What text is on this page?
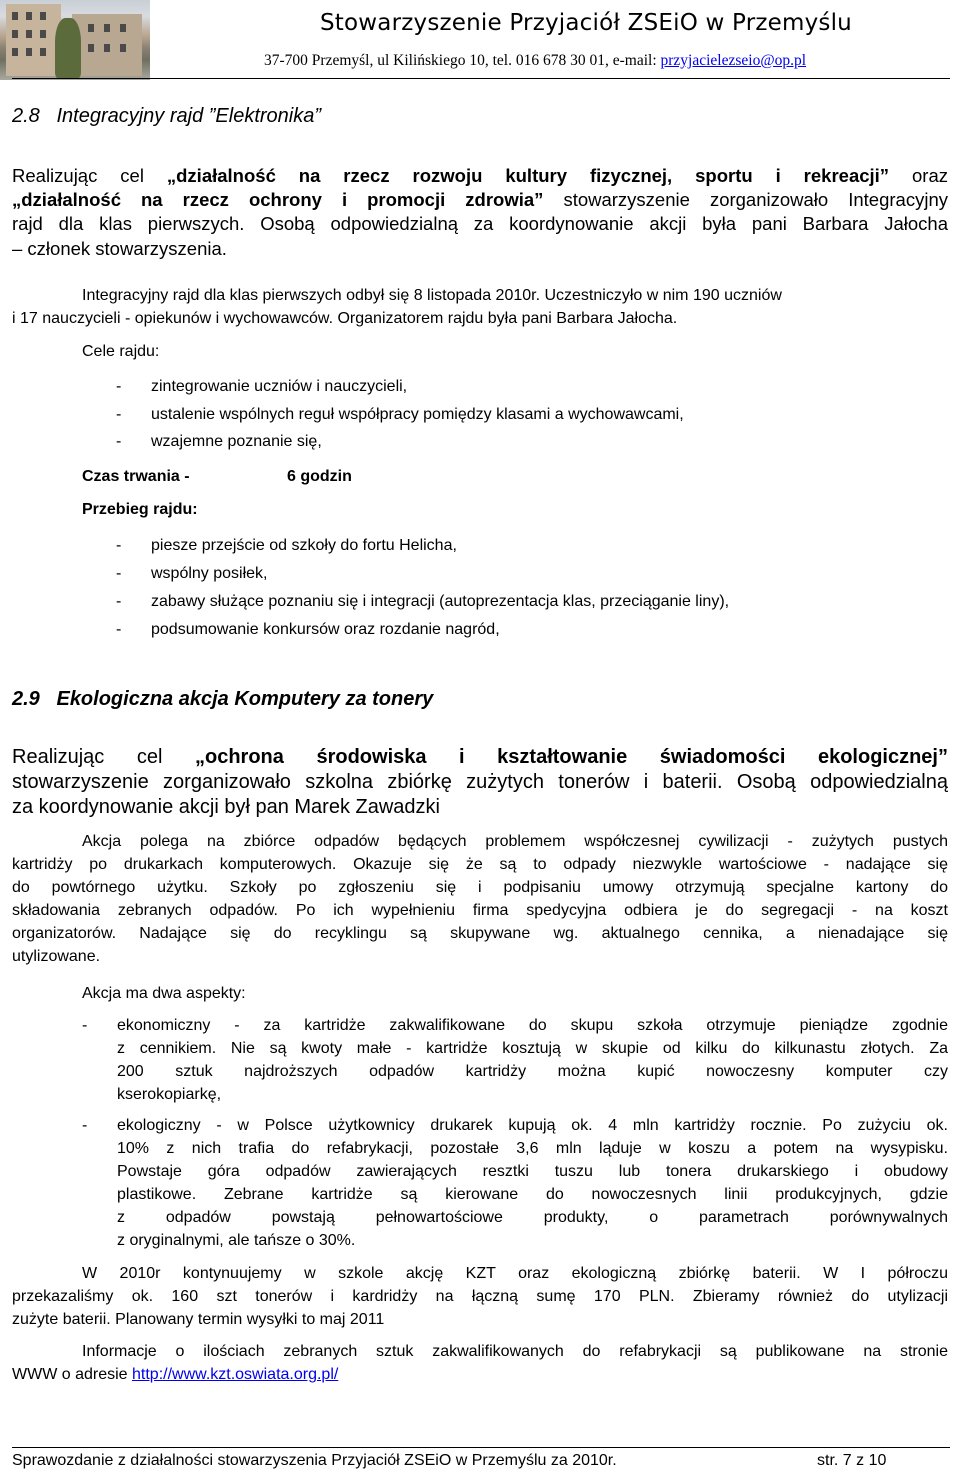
Stowarzyszenie Przyjaciół ZSEiO w Przemyślu
37-700 Przemyśl, ul Kilińskiego 10, tel. 016 678 30 01, e-mail: przyjacielezseio@op.pl
2.8   Integracyjny rajd ”Elektronika”
Realizując cel „działalność na rzecz rozwoju kultury fizycznej, sportu i rekreacji” oraz
„działalność na rzecz ochrony i promocji zdrowia” stowarzyszenie zorganizowało Integracyjny
rajd dla klas pierwszych. Osobą odpowiedzialną za koordynowanie akcji była pani Barbara Jałocha
– członek stowarzyszenia.
Integracyjny rajd dla klas pierwszych odbył się 8 listopada 2010r. Uczestniczyło w nim 190 uczniów
i 17 nauczycieli - opiekunów i wychowawców. Organizatorem rajdu była pani Barbara Jałocha.
Cele rajdu:
- zintegrowanie uczniów i nauczycieli,
- ustalenie wspólnych reguł współpracy pomiędzy klasami a wychowawcami,
- wzajemne poznanie się,
Czas trwania -	6 godzin
Przebieg rajdu:
- piesze przejście od szkoły do fortu Helicha,
- wspólny posiłek,
- zabawy służące poznaniu się i integracji (autoprezentacja klas, przeciąganie liny),
- podsumowanie konkursów oraz rozdanie nagród,
2.9   Ekologiczna akcja Komputery za tonery
Realizując cel „ochrona środowiska i kształtowanie świadomości ekologicznej”
stowarzyszenie zorganizowało szkolna zbiórkę zużytych tonerów i baterii. Osobą odpowiedzialną
za koordynowanie akcji był pan Marek Zawadzki
Akcja polega na zbiórce odpadów będących problemem współczesnej cywilizacji - zużytych pustych
kartridży po drukarkach komputerowych. Okazuje się że są to odpady niezwykle wartościowe - nadające się
do powtórnego użytku. Szkoły po zgłoszeniu się i podpisaniu umowy otrzymują specjalne kartony do
składowania zebranych odpadów. Po ich wypełnieniu firma spedycyjna odbiera je do segregacji - na koszt
organizatorów. Nadające się do recyklingu są skupywane wg. aktualnego cennika, a nienadające się
utylizowane.
Akcja ma dwa aspekty:
- ekonomiczny - za kartridże zakwalifikowane do skupu szkoła otrzymuje pieniądze zgodnie
z cennikiem. Nie są kwoty małe - kartridże kosztują w skupie od kilku do kilkunastu złotych. Za
200 sztuk najdroższych odpadów kartridży można kupić nowoczesny komputer czy
kserokopiarkę,
- ekologiczny - w Polsce użytkownicy drukarek kupują ok. 4 mln kartridży rocznie. Po zużyciu ok.
10% z nich trafia do refabrykacji, pozostałe 3,6 mln ląduje w koszu a potem na wysypisku.
Powstaje góra odpadów zawierających resztki tuszu lub tonera drukarskiego i obudowy
plastikowe. Zebrane kartridże są kierowane do nowoczesnych linii produkcyjnych, gdzie
z odpadów powstają pełnowartościowe produkty, o parametrach porównywalnych
z oryginalnymi, ale tańsze o 30%.
W 2010r kontynuujemy w szkole akcję KZT oraz ekologiczną zbiórkę baterii. W I półroczu
przekazaliśmy ok. 160 szt tonerów i kardridży na łączną sumę 170 PLN. Zbieramy również do utylizacji
zużyte baterii. Planowany termin wysyłki to maj 2011
Informacje o ilościach zebranych sztuk zakwalifikowanych do refabrykacji są publikowane na stronie
WWW o adresie http://www.kzt.oswiata.org.pl/
Sprawozdanie z działalności stowarzyszenia Przyjaciół ZSEiO w Przemyślu za 2010r.	str. 7 z 10
